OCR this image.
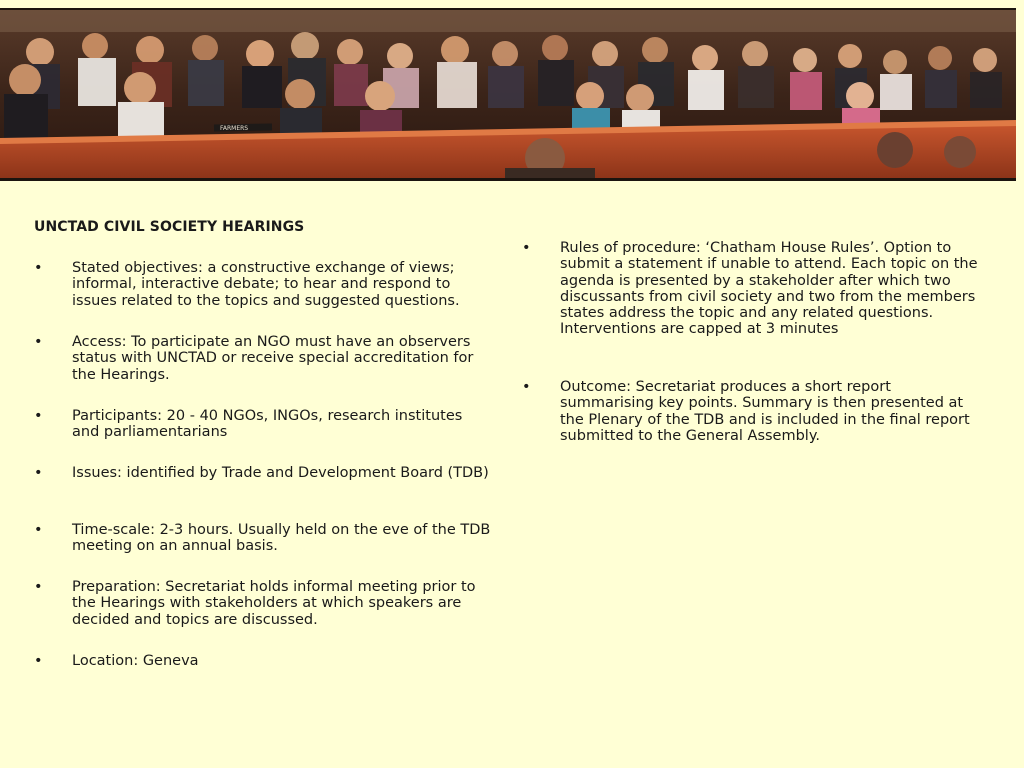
FARMERS
UNCTAD CIVIL SOCIETY HEARINGS
• Stated objectives: a constructive exchange of views; informal, interactive debate; to hear and respond to issues related to the topics and suggested questions.
• Access: To participate an NGO must have an observers status with UNCTAD or receive special accreditation for the Hearings.
• Participants: 20 - 40 NGOs, INGOs, research institutes and parliamentarians
• Issues: identified by Trade and Development Board (TDB)
• Time-scale: 2-3 hours. Usually held on the eve of the TDB meeting on an annual basis.
• Preparation: Secretariat holds informal meeting prior to the Hearings with stakeholders at which speakers are decided and topics are discussed.
• Location: Geneva
• Rules of procedure: ‘Chatham House Rules’. Option to submit a statement if unable to attend. Each topic on the agenda is presented by a stakeholder after which two discussants from civil society and two from the members states address the topic and any related questions. Interventions are capped at 3 minutes
• Outcome: Secretariat produces a short report summarising key points. Summary is then presented at the Plenary of the TDB and is included in the final report submitted to the General Assembly.
